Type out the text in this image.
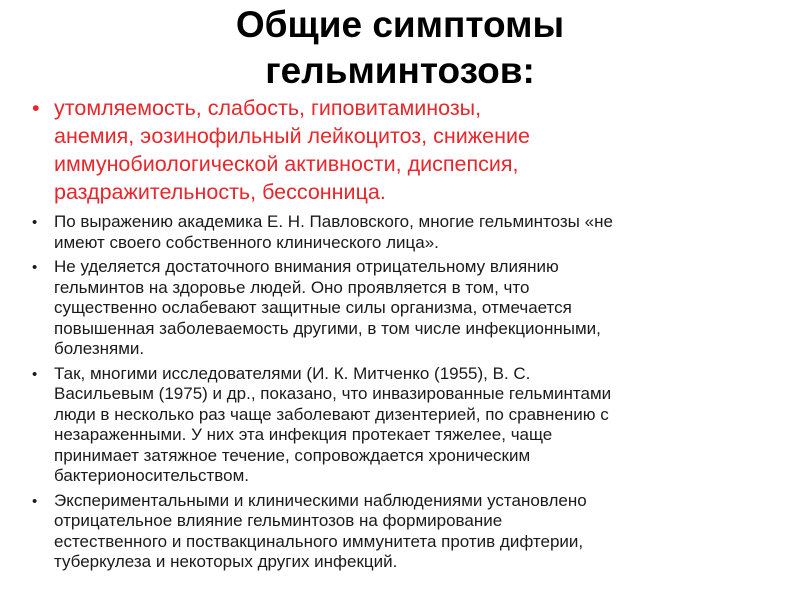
Общие симптомы
гельминтозов:
• утомляемость, слабость, гиповитаминозы,
анемия, эозинофильный лейкоцитоз, снижение
иммунобиологической активности, диспепсия,
раздражительность, бессонница.
• По выражению академика Е. Н. Павловского, многие гельминтозы «не
имеют своего собственного клинического лица».
• Не уделяется достаточного внимания отрицательному влиянию
гельминтов на здоровье людей. Оно проявляется в том, что
существенно ослабевают защитные силы организма, отмечается
повышенная заболеваемость другими, в том числе инфекционными,
болезнями.
• Так, многими исследователями (И. К. Митченко (1955), В. С.
Васильевым (1975) и др., показано, что инвазированные гельминтами
люди в несколько раз чаще заболевают дизентерией, по сравнению с
незараженными. У них эта инфекция протекает тяжелее, чаще
принимает затяжное течение, сопровождается хроническим
бактерионосительством.
• Экспериментальными и клиническими наблюдениями установлено
отрицательное влияние гельминтозов на формирование
естественного и поствакцинального иммунитета против дифтерии,
туберкулеза и некоторых других инфекций.
